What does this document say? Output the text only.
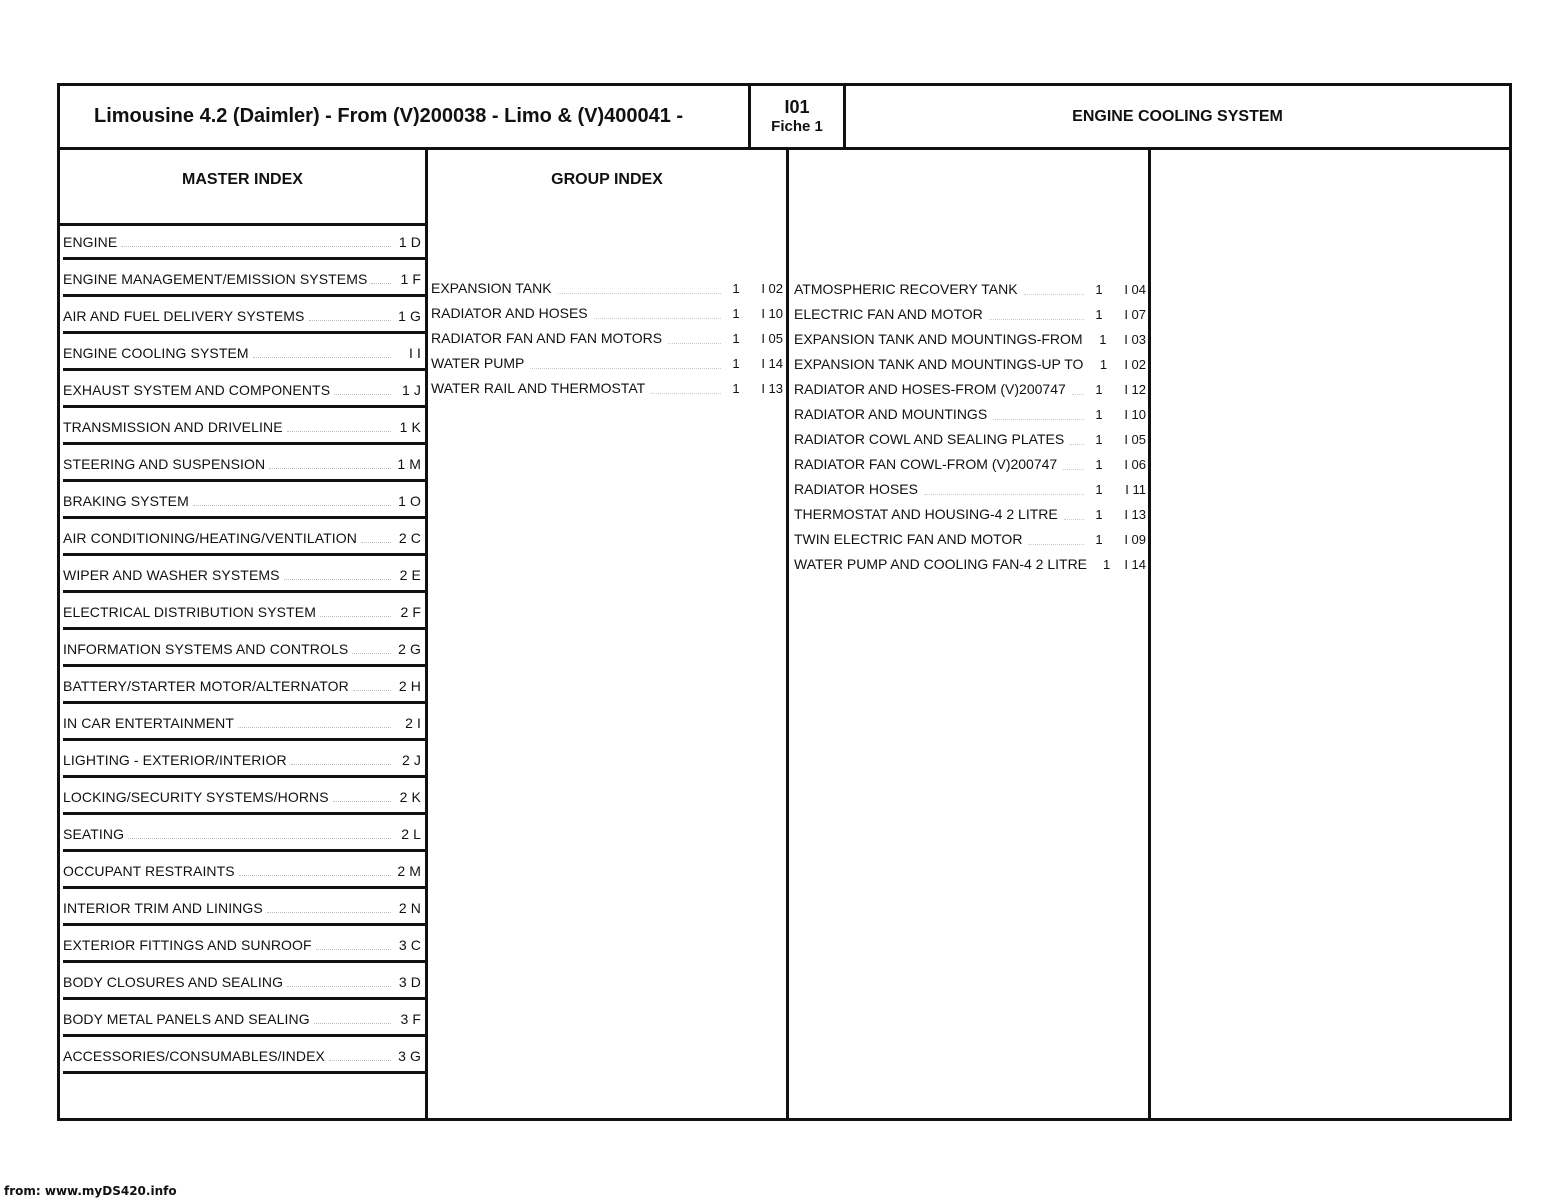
Limousine 4.2 (Daimler) - From (V)200038 - Limo & (V)400041 -	I01
Fiche 1
ENGINE COOLING SYSTEM
MASTER INDEX	GROUP INDEX
ENGINE	1 D
ENGINE MANAGEMENT/EMISSION SYSTEMS	1 F
AIR AND FUEL DELIVERY SYSTEMS	1 G
ENGINE COOLING SYSTEM	I I
EXHAUST SYSTEM AND COMPONENTS	1 J
TRANSMISSION AND DRIVELINE	1 K
STEERING AND SUSPENSION	1 M
BRAKING SYSTEM	1 O
AIR CONDITIONING/HEATING/VENTILATION	2 C
WIPER AND WASHER SYSTEMS	2 E
ELECTRICAL DISTRIBUTION SYSTEM	2 F
INFORMATION SYSTEMS AND CONTROLS	2 G
BATTERY/STARTER MOTOR/ALTERNATOR	2 H
IN CAR ENTERTAINMENT	2 I
LIGHTING - EXTERIOR/INTERIOR	2 J
LOCKING/SECURITY SYSTEMS/HORNS	2 K
SEATING	2 L
OCCUPANT RESTRAINTS	2 M
INTERIOR TRIM AND LININGS	2 N
EXTERIOR FITTINGS AND SUNROOF	3 C
BODY CLOSURES AND SEALING	3 D
BODY METAL PANELS AND SEALING	3 F
ACCESSORIES/CONSUMABLES/INDEX	3 G
EXPANSION TANK	1	I 02
RADIATOR AND HOSES	1	I 10
RADIATOR FAN AND FAN MOTORS	1	I 05
WATER PUMP	1	I 14
WATER RAIL AND THERMOSTAT	1	I 13
ATMOSPHERIC RECOVERY TANK	1	I 04
ELECTRIC FAN AND MOTOR	1	I 07
EXPANSION TANK AND MOUNTINGS-FROM	1	I 03
EXPANSION TANK AND MOUNTINGS-UP TO	1	I 02
RADIATOR AND HOSES-FROM (V)200747	1	I 12
RADIATOR AND MOUNTINGS	1	I 10
RADIATOR COWL AND SEALING PLATES	1	I 05
RADIATOR FAN COWL-FROM (V)200747	1	I 06
RADIATOR HOSES	1	I 11
THERMOSTAT AND HOUSING-4 2 LITRE	1	I 13
TWIN ELECTRIC FAN AND MOTOR	1	I 09
WATER PUMP AND COOLING FAN-4 2 LITRE	1	I 14
from: www.myDS420.info
